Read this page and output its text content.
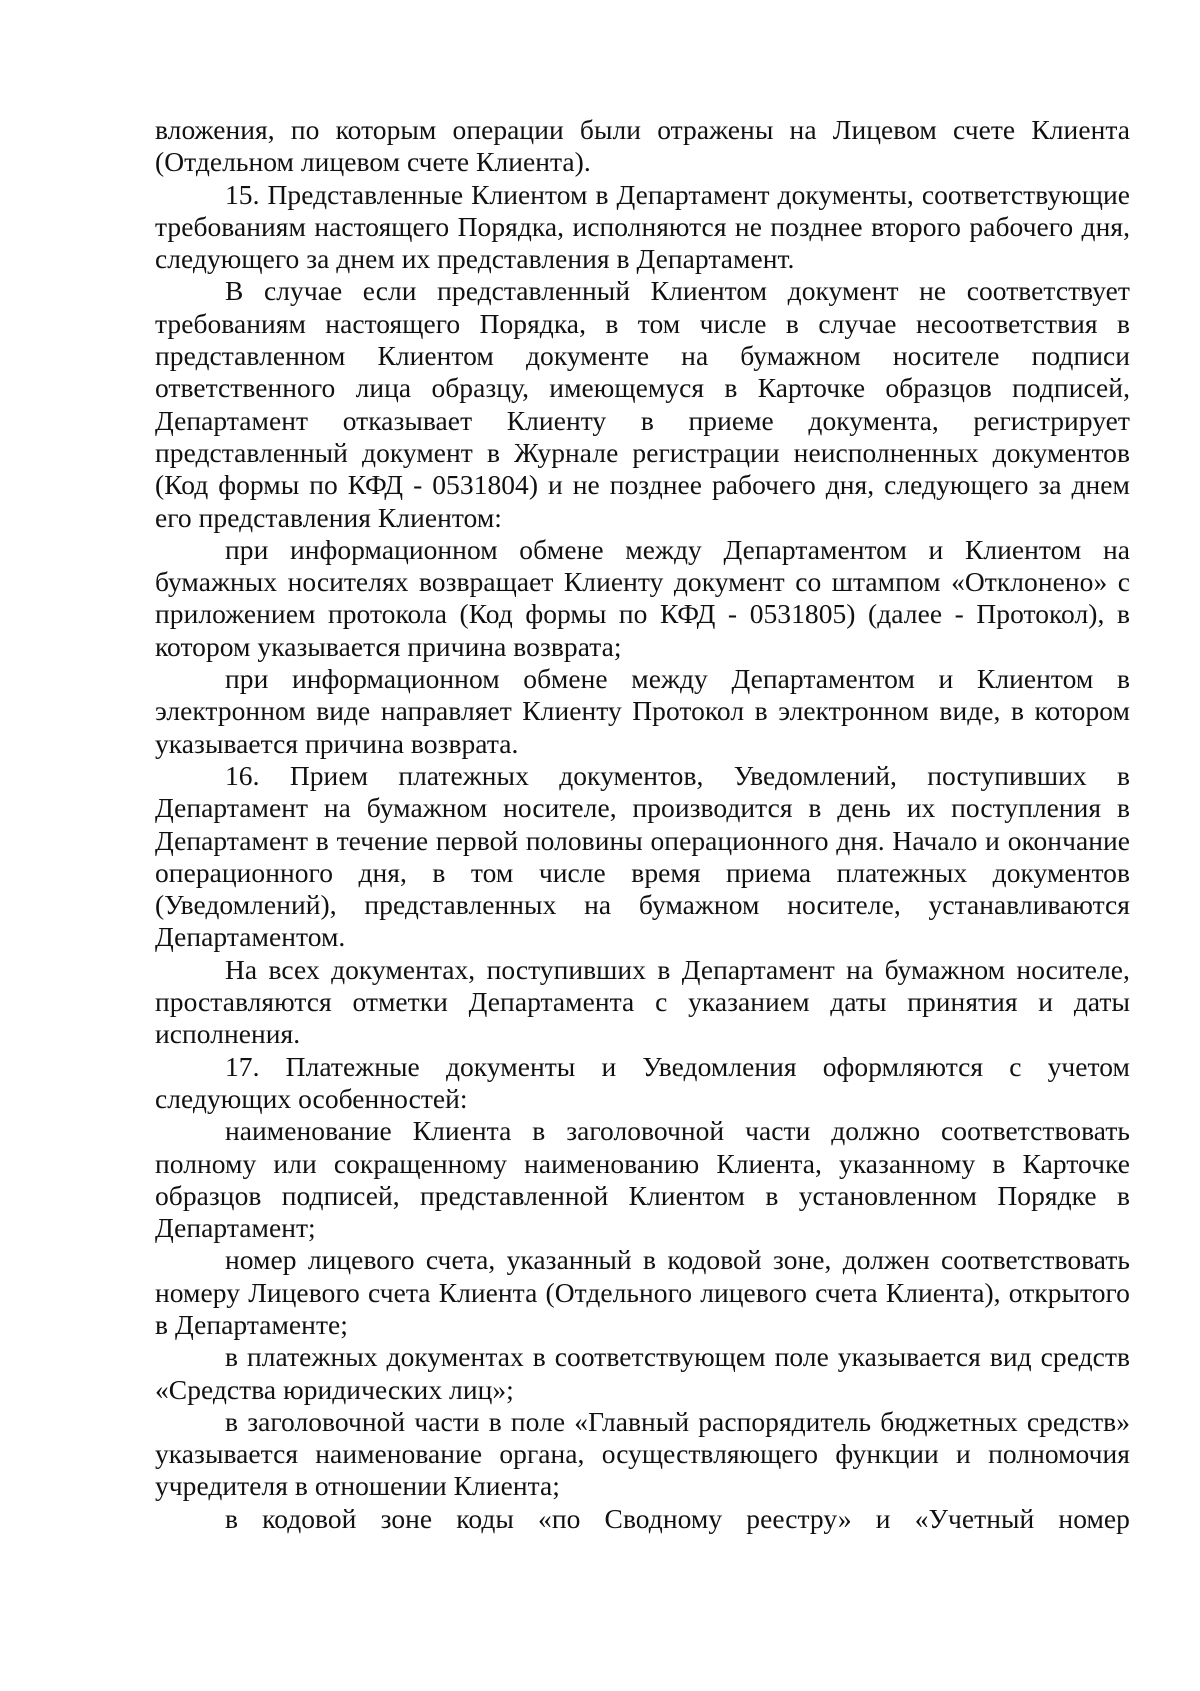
вложения, по которым операции были отражены на Лицевом счете Клиента (Отдельном лицевом счете Клиента).

15. Представленные Клиентом в Департамент документы, соответствующие требованиям настоящего Порядка, исполняются не позднее второго рабочего дня, следующего за днем их представления в Департамент.

В случае если представленный Клиентом документ не соответствует требованиям настоящего Порядка, в том числе в случае несоответствия в представленном Клиентом документе на бумажном носителе подписи ответственного лица образцу, имеющемуся в Карточке образцов подписей, Департамент отказывает Клиенту в приеме документа, регистрирует представленный документ в Журнале регистрации неисполненных документов (Код формы по КФД - 0531804) и не позднее рабочего дня, следующего за днем его представления Клиентом:

при информационном обмене между Департаментом и Клиентом на бумажных носителях возвращает Клиенту документ со штампом «Отклонено» с приложением протокола (Код формы по КФД - 0531805) (далее - Протокол), в котором указывается причина возврата;

при информационном обмене между Департаментом и Клиентом в электронном виде направляет Клиенту Протокол в электронном виде, в котором указывается причина возврата.

16. Прием платежных документов, Уведомлений, поступивших в Департамент на бумажном носителе, производится в день их поступления в Департамент в течение первой половины операционного дня. Начало и окончание операционного дня, в том числе время приема платежных документов (Уведомлений), представленных на бумажном носителе, устанавливаются Департаментом.

На всех документах, поступивших в Департамент на бумажном носителе, проставляются отметки Департамента с указанием даты принятия и даты исполнения.

17. Платежные документы и Уведомления оформляются с учетом следующих особенностей:

наименование Клиента в заголовочной части должно соответствовать полному или сокращенному наименованию Клиента, указанному в Карточке образцов подписей, представленной Клиентом в установленном Порядке в Департамент;

номер лицевого счета, указанный в кодовой зоне, должен соответствовать номеру Лицевого счета Клиента (Отдельного лицевого счета Клиента), открытого в Департаменте;

в платежных документах в соответствующем поле указывается вид средств «Средства юридических лиц»;

в заголовочной части в поле «Главный распорядитель бюджетных средств» указывается наименование органа, осуществляющего функции и полномочия учредителя в отношении Клиента;

в кодовой зоне коды «по Сводному реестру» и «Учетный номер
